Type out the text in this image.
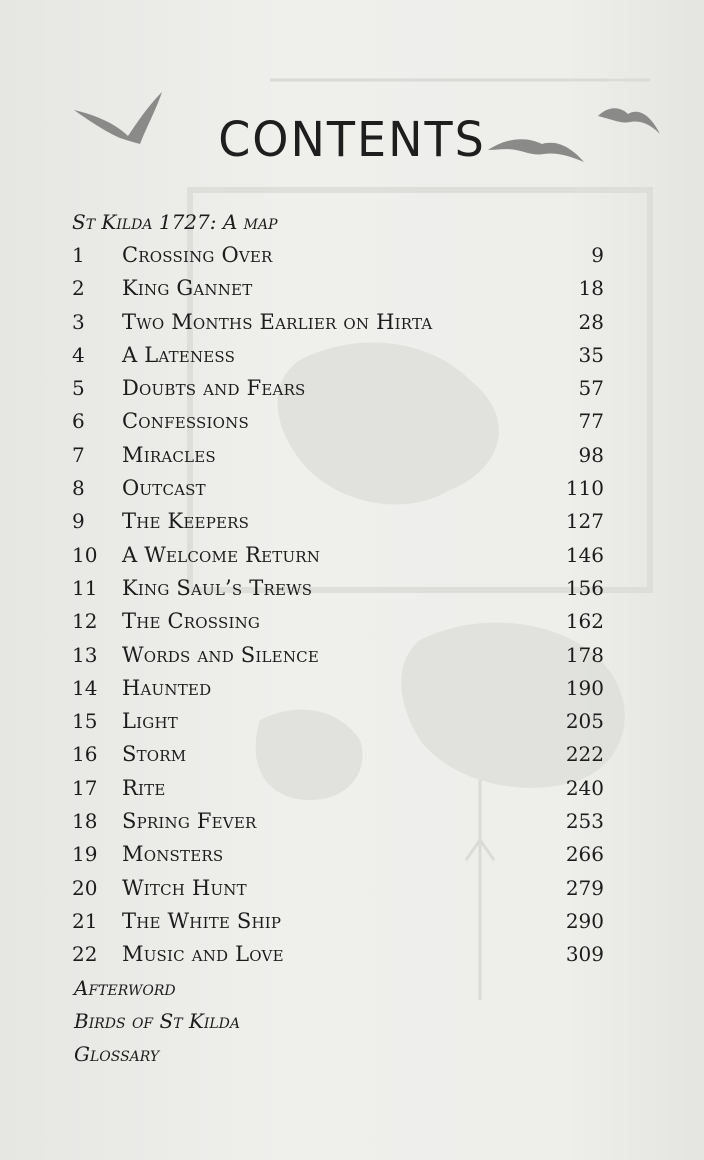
CONTENTS
St Kilda 1727: A map
1	Crossing Over	9
2	King Gannet	18
3	Two Months Earlier on Hirta	28
4	A Lateness	35
5	Doubts and Fears	57
6	Confessions	77
7	Miracles	98
8	Outcast	110
9	The Keepers	127
10	A Welcome Return	146
11	King Saul’s Trews	156
12	The Crossing	162
13	Words and Silence	178
14	Haunted	190
15	Light	205
16	Storm	222
17	Rite	240
18	Spring Fever	253
19	Monsters	266
20	Witch Hunt	279
21	The White Ship	290
22	Music and Love	309
Afterword
Birds of St Kilda
Glossary
